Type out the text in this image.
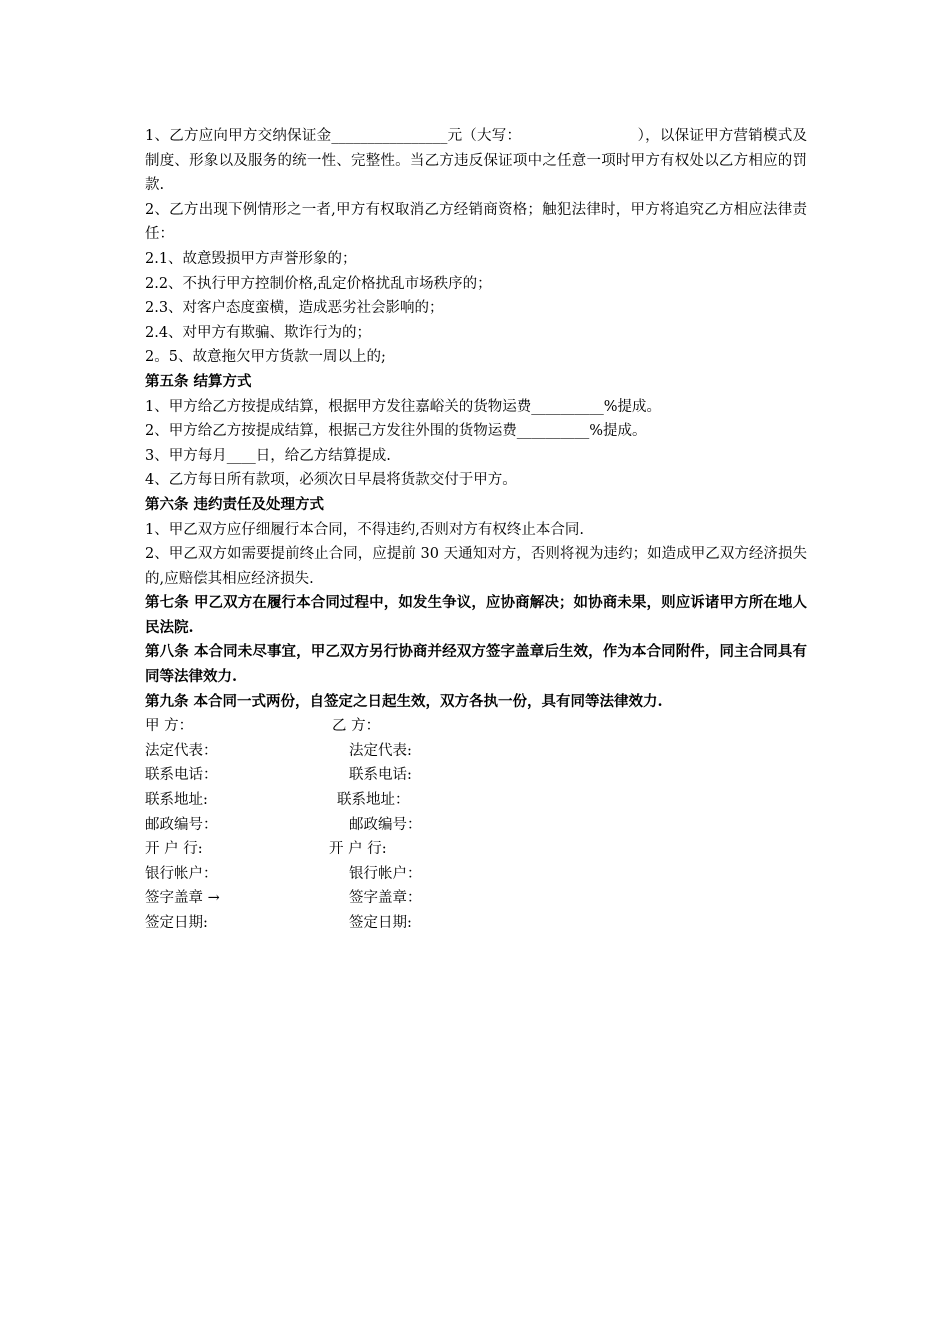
1、乙方应向甲方交纳保证金________________元（大写：                        ），以保证甲方营销模式及制度、形象以及服务的统一性、完整性。当乙方违反保证项中之任意一项时甲方有权处以乙方相应的罚款.

2、乙方出现下例情形之一者,甲方有权取消乙方经销商资格；触犯法律时，甲方将追究乙方相应法律责任：

2.1、故意毁损甲方声誉形象的；

2.2、不执行甲方控制价格,乱定价格扰乱市场秩序的；

2.3、对客户态度蛮横，造成恶劣社会影响的；

2.4、对甲方有欺骗、欺诈行为的；

2。5、故意拖欠甲方货款一周以上的;

第五条 结算方式

1、甲方给乙方按提成结算，根据甲方发往嘉峪关的货物运费__________%提成。

2、甲方给乙方按提成结算，根据己方发往外围的货物运费__________%提成。

3、甲方每月____日，给乙方结算提成.

4、乙方每日所有款项，必须次日早晨将货款交付于甲方。

第六条 违约责任及处理方式

1、甲乙双方应仔细履行本合同，不得违约,否则对方有权终止本合同.

2、甲乙双方如需要提前终止合同，应提前 30 天通知对方，否则将视为违约；如造成甲乙双方经济损失的,应赔偿其相应经济损失.

第七条 甲乙双方在履行本合同过程中，如发生争议，应协商解决；如协商未果，则应诉诸甲方所在地人民法院.

第八条 本合同未尽事宜，甲乙双方另行协商并经双方签字盖章后生效，作为本合同附件，同主合同具有同等法律效力.

第九条 本合同一式两份，自签定之日起生效，双方各执一份，具有同等法律效力.

甲 方：	乙 方：
法定代表：	法定代表:
联系电话：	联系电话:
联系地址:	联系地址：
邮政编号：	邮政编号：
开 户 行:	开 户 行:
银行帐户：	银行帐户：
签字盖章 →	签字盖章：
签定日期:	签定日期:
